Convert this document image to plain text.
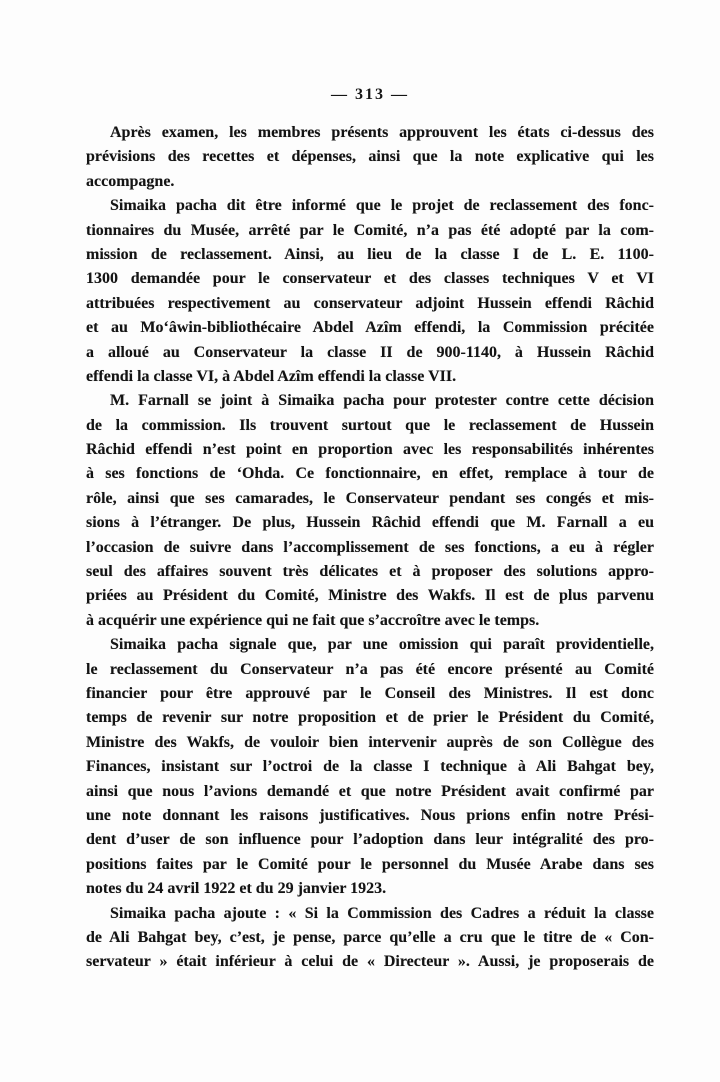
— 313 —
Après examen, les membres présents approuvent les états ci-dessus des
prévisions des recettes et dépenses, ainsi que la note explicative qui les
accompagne.
Simaika pacha dit être informé que le projet de reclassement des fonc-
tionnaires du Musée, arrêté par le Comité, n’a pas été adopté par la com-
mission de reclassement. Ainsi, au lieu de la classe I de L. E. 1100-
1300 demandée pour le conservateur et des classes techniques V et VI
attribuées respectivement au conservateur adjoint Hussein effendi Râchid
et au Mo‘âwin-bibliothécaire Abdel Azîm effendi, la Commission précitée
a alloué au Conservateur la classe II de 900-1140, à Hussein Râchid
effendi la classe VI, à Abdel Azîm effendi la classe VII.
M. Farnall se joint à Simaika pacha pour protester contre cette décision
de la commission. Ils trouvent surtout que le reclassement de Hussein
Râchid effendi n’est point en proportion avec les responsabilités inhérentes
à ses fonctions de ‘Ohda. Ce fonctionnaire, en effet, remplace à tour de
rôle, ainsi que ses camarades, le Conservateur pendant ses congés et mis-
sions à l’étranger. De plus, Hussein Râchid effendi que M. Farnall a eu
l’occasion de suivre dans l’accomplissement de ses fonctions, a eu à régler
seul des affaires souvent très délicates et à proposer des solutions appro-
priées au Président du Comité, Ministre des Wakfs. Il est de plus parvenu
à acquérir une expérience qui ne fait que s’accroître avec le temps.
Simaika pacha signale que, par une omission qui paraît providentielle,
le reclassement du Conservateur n’a pas été encore présenté au Comité
financier pour être approuvé par le Conseil des Ministres. Il est donc
temps de revenir sur notre proposition et de prier le Président du Comité,
Ministre des Wakfs, de vouloir bien intervenir auprès de son Collègue des
Finances, insistant sur l’octroi de la classe I technique à Ali Bahgat bey,
ainsi que nous l’avions demandé et que notre Président avait confirmé par
une note donnant les raisons justificatives. Nous prions enfin notre Prési-
dent d’user de son influence pour l’adoption dans leur intégralité des pro-
positions faites par le Comité pour le personnel du Musée Arabe dans ses
notes du 24 avril 1922 et du 29 janvier 1923.
Simaika pacha ajoute : « Si la Commission des Cadres a réduit la classe
de Ali Bahgat bey, c’est, je pense, parce qu’elle a cru que le titre de « Con-
servateur » était inférieur à celui de « Directeur ». Aussi, je proposerais de
